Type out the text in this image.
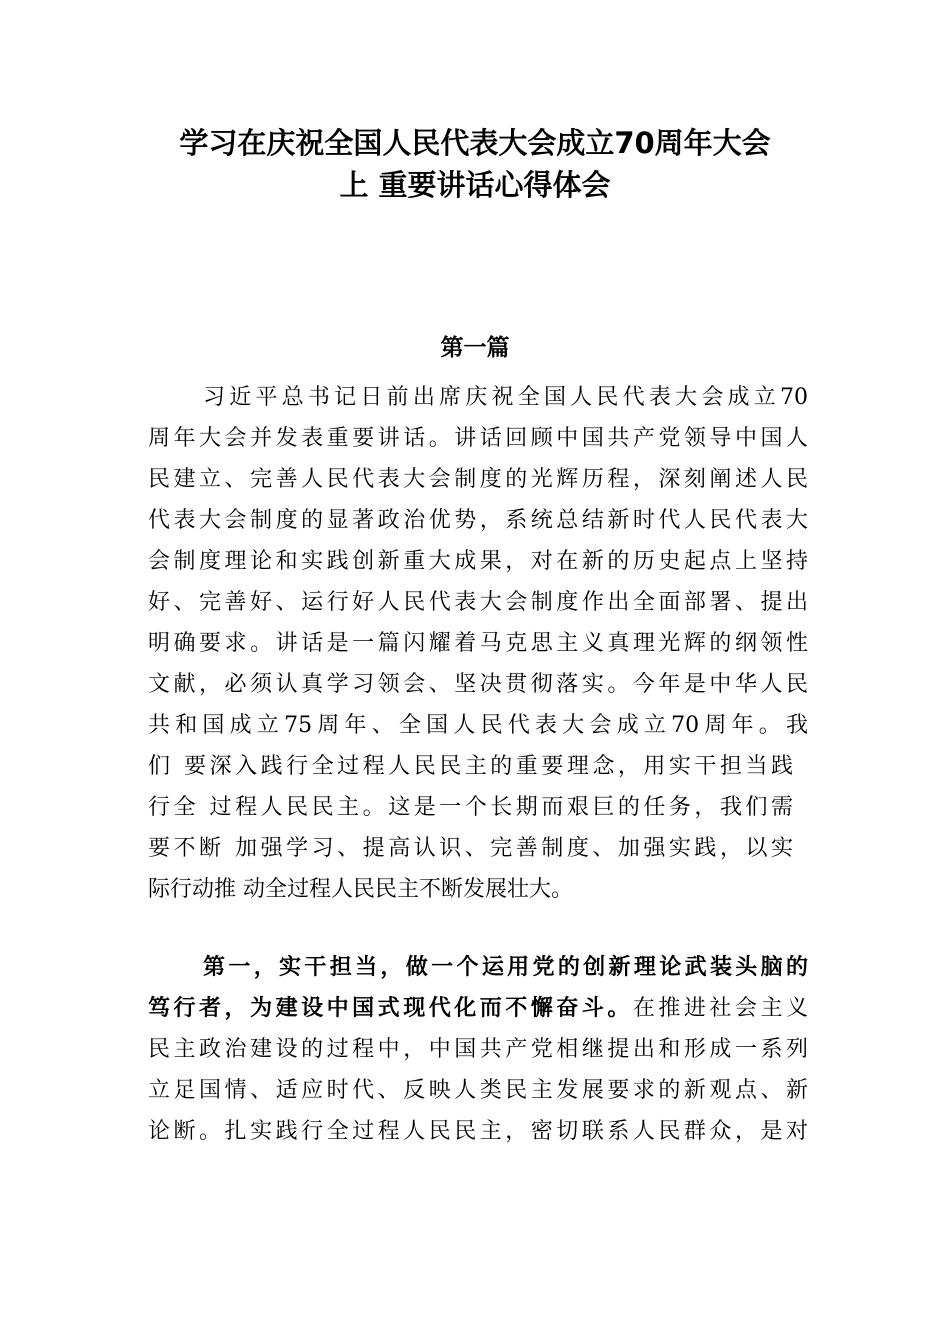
学习在庆祝全国人民代表大会成立70周年大会
上 重要讲话心得体会
第一篇
习近平总书记日前出席庆祝全国人民代表大会成立70
周年大会并发表重要讲话。讲话回顾中国共产党领导中国人
民建立、完善人民代表大会制度的光辉历程，深刻阐述人民
代表大会制度的显著政治优势，系统总结新时代人民代表大
会制度理论和实践创新重大成果，对在新的历史起点上坚持
好、完善好、运行好人民代表大会制度作出全面部署、提出
明确要求。讲话是一篇闪耀着马克思主义真理光辉的纲领性
文献，必须认真学习领会、坚决贯彻落实。今年是中华人民
共和国成立75周年、全国人民代表大会成立70周年。我
们 要深入践行全过程人民民主的重要理念，用实干担当践
行全 过程人民民主。这是一个长期而艰巨的任务，我们需
要不断 加强学习、提高认识、完善制度、加强实践，以实
际行动推 动全过程人民民主不断发展壮大。
第一，实干担当，做一个运用党的创新理论武装头脑的
笃行者，为建设中国式现代化而不懈奋斗。在推进社会主义
民主政治建设的过程中，中国共产党相继提出和形成一系列
立足国情、适应时代、反映人类民主发展要求的新观点、新
论断。扎实践行全过程人民民主，密切联系人民群众，是对
